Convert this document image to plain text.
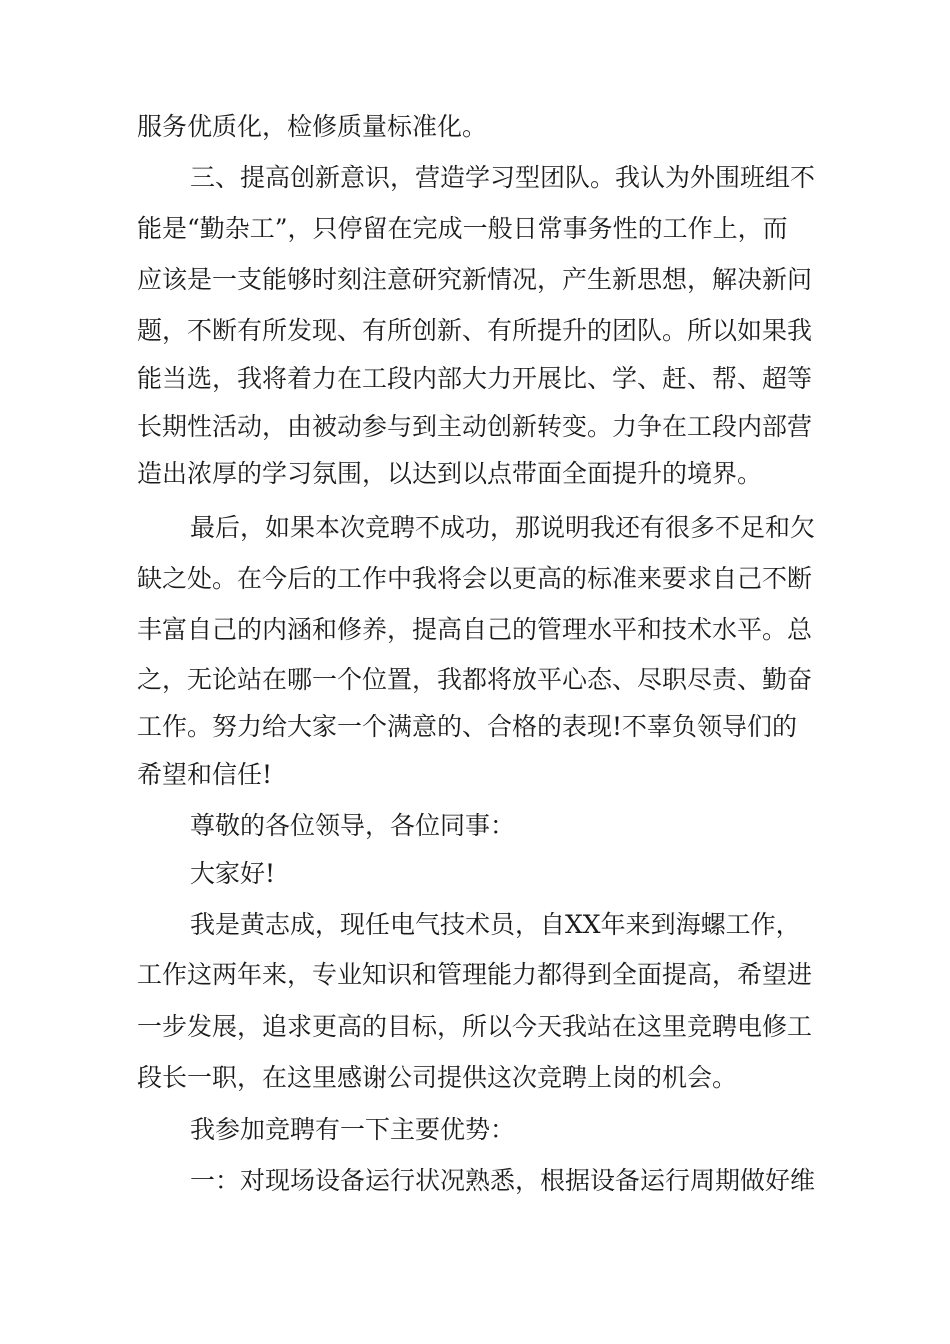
服务优质化，检修质量标准化。
三、提高创新意识，营造学习型团队。我认为外围班组不
能是“勤杂工”，只停留在完成一般日常事务性的工作上，而
应该是一支能够时刻注意研究新情况，产生新思想，解决新问
题，不断有所发现、有所创新、有所提升的团队。所以如果我
能当选，我将着力在工段内部大力开展比、学、赶、帮、超等
长期性活动，由被动参与到主动创新转变。力争在工段内部营
造出浓厚的学习氛围，以达到以点带面全面提升的境界。
最后，如果本次竞聘不成功，那说明我还有很多不足和欠
缺之处。在今后的工作中我将会以更高的标准来要求自己不断
丰富自己的内涵和修养，提高自己的管理水平和技术水平。总
之，无论站在哪一个位置，我都将放平心态、尽职尽责、勤奋
工作。努力给大家一个满意的、合格的表现!不辜负领导们的
希望和信任!
尊敬的各位领导，各位同事：
大家好!
我是黄志成，现任电气技术员，自XX年来到海螺工作，
工作这两年来，专业知识和管理能力都得到全面提高，希望进
一步发展，追求更高的目标，所以今天我站在这里竞聘电修工
段长一职，在这里感谢公司提供这次竞聘上岗的机会。
我参加竞聘有一下主要优势：
一：对现场设备运行状况熟悉，根据设备运行周期做好维
